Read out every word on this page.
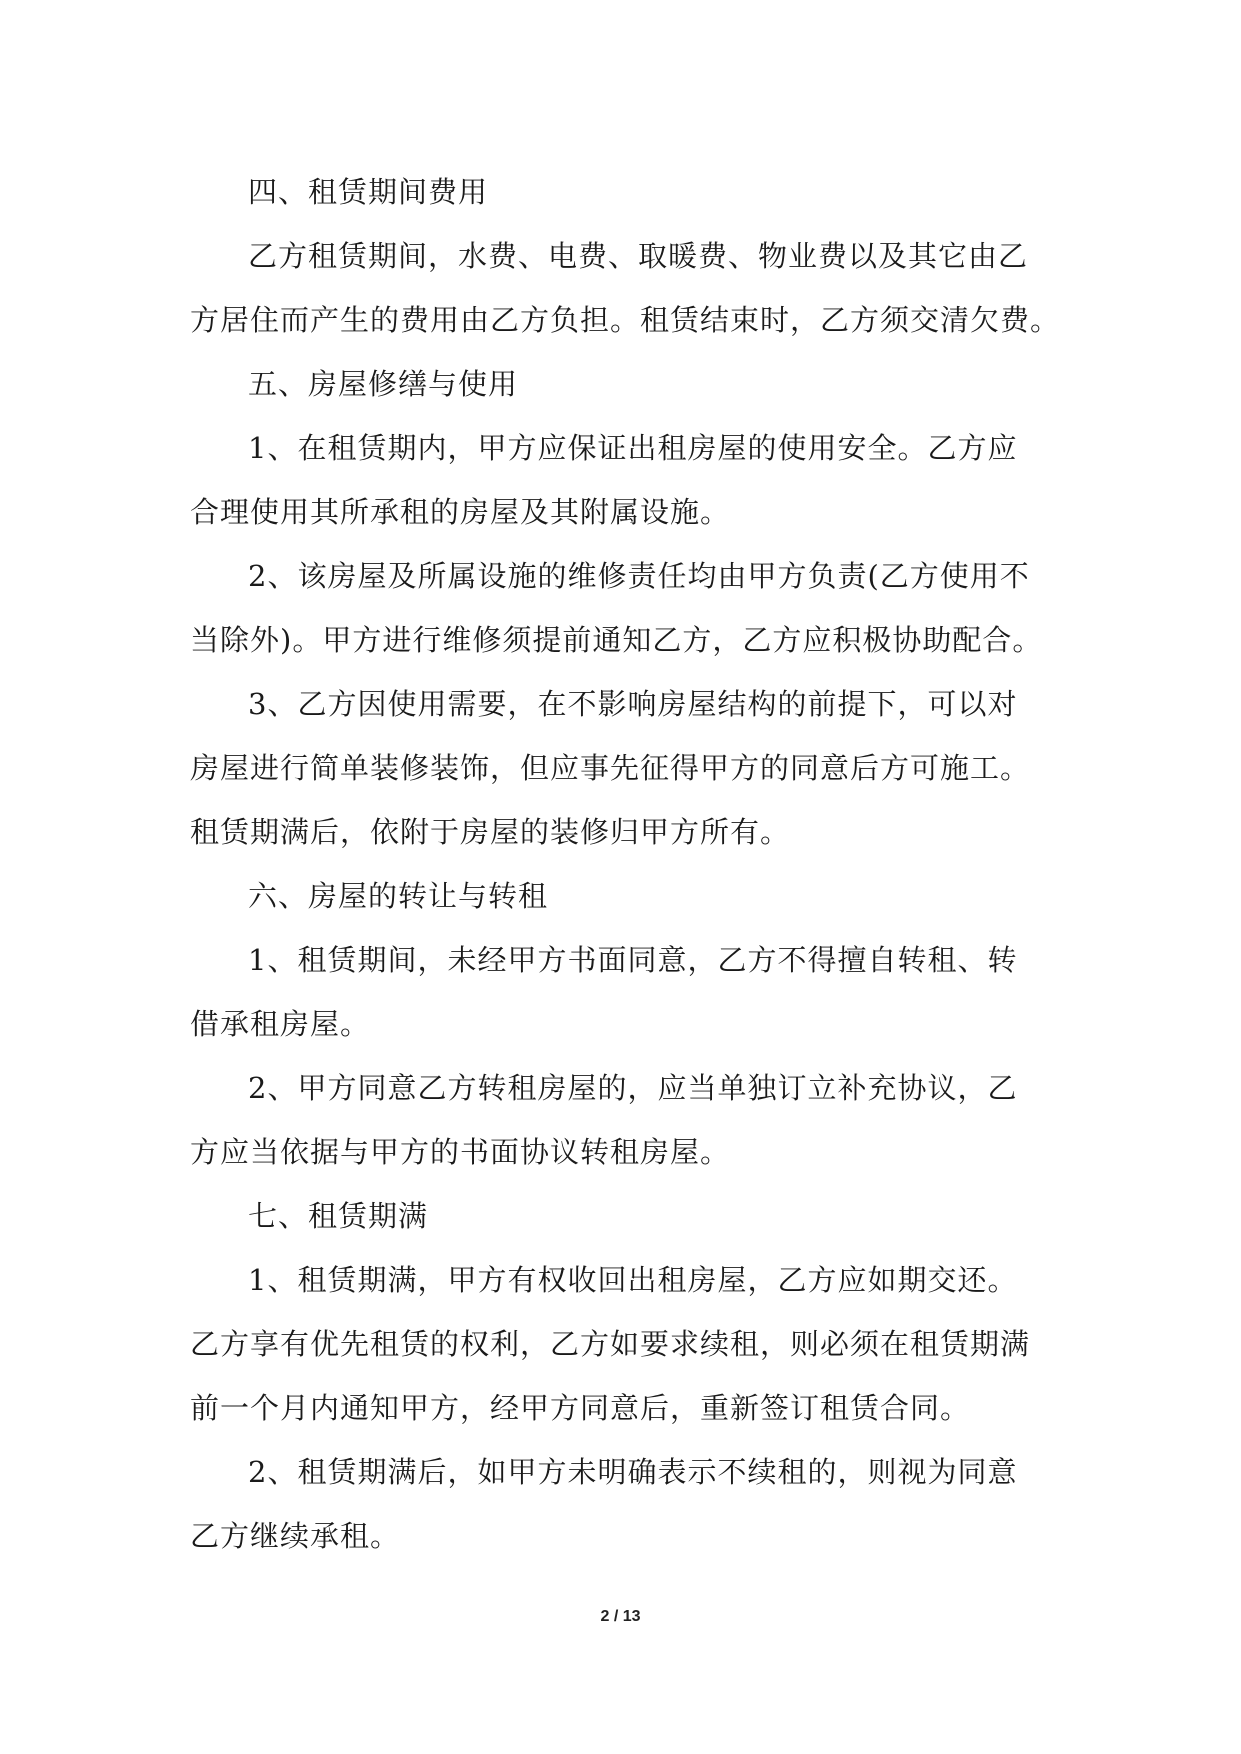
四、租赁期间费用

乙方租赁期间，水费、电费、取暖费、物业费以及其它由乙
方居住而产生的费用由乙方负担。租赁结束时，乙方须交清欠费。

五、房屋修缮与使用

1、在租赁期内，甲方应保证出租房屋的使用安全。乙方应
合理使用其所承租的房屋及其附属设施。
2、该房屋及所属设施的维修责任均由甲方负责(乙方使用不
当除外)。甲方进行维修须提前通知乙方，乙方应积极协助配合。
3、乙方因使用需要，在不影响房屋结构的前提下，可以对
房屋进行简单装修装饰，但应事先征得甲方的同意后方可施工。
租赁期满后，依附于房屋的装修归甲方所有。

六、房屋的转让与转租

1、租赁期间，未经甲方书面同意，乙方不得擅自转租、转
借承租房屋。
2、甲方同意乙方转租房屋的，应当单独订立补充协议，乙
方应当依据与甲方的书面协议转租房屋。

七、租赁期满

1、租赁期满，甲方有权收回出租房屋，乙方应如期交还。
乙方享有优先租赁的权利，乙方如要求续租，则必须在租赁期满
前一个月内通知甲方，经甲方同意后，重新签订租赁合同。
2、租赁期满后，如甲方未明确表示不续租的，则视为同意
乙方继续承租。
2 / 13
